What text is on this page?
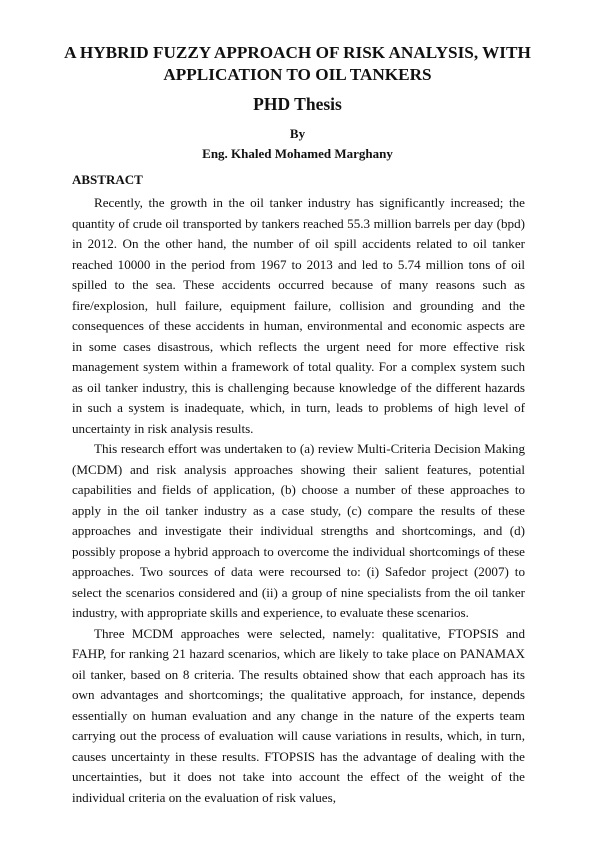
A HYBRID FUZZY APPROACH OF RISK ANALYSIS, WITH APPLICATION TO OIL TANKERS
PHD Thesis
By
Eng. Khaled Mohamed Marghany
ABSTRACT

Recently, the growth in the oil tanker industry has significantly increased; the quantity of crude oil transported by tankers reached 55.3 million barrels per day (bpd) in 2012. On the other hand, the number of oil spill accidents related to oil tanker reached 10000 in the period from 1967 to 2013 and led to 5.74 million tons of oil spilled to the sea. These accidents occurred because of many reasons such as fire/explosion, hull failure, equipment failure, collision and grounding and the consequences of these accidents in human, environmental and economic aspects are in some cases disastrous, which reflects the urgent need for more effective risk management system within a framework of total quality. For a complex system such as oil tanker industry, this is challenging because knowledge of the different hazards in such a system is inadequate, which, in turn, leads to problems of high level of uncertainty in risk analysis results.

This research effort was undertaken to (a) review Multi-Criteria Decision Making (MCDM) and risk analysis approaches showing their salient features, potential capabilities and fields of application, (b) choose a number of these approaches to apply in the oil tanker industry as a case study, (c) compare the results of these approaches and investigate their individual strengths and shortcomings, and (d) possibly propose a hybrid approach to overcome the individual shortcomings of these approaches. Two sources of data were recoursed to: (i) Safedor project (2007) to select the scenarios considered and (ii) a group of nine specialists from the oil tanker industry, with appropriate skills and experience, to evaluate these scenarios.

Three MCDM approaches were selected, namely: qualitative, FTOPSIS and FAHP, for ranking 21 hazard scenarios, which are likely to take place on PANAMAX oil tanker, based on 8 criteria. The results obtained show that each approach has its own advantages and shortcomings; the qualitative approach, for instance, depends essentially on human evaluation and any change in the nature of the experts team carrying out the process of evaluation will cause variations in results, which, in turn, causes uncertainty in these results. FTOPSIS has the advantage of dealing with the uncertainties, but it does not take into account the effect of the weight of the individual criteria on the evaluation of risk values,
